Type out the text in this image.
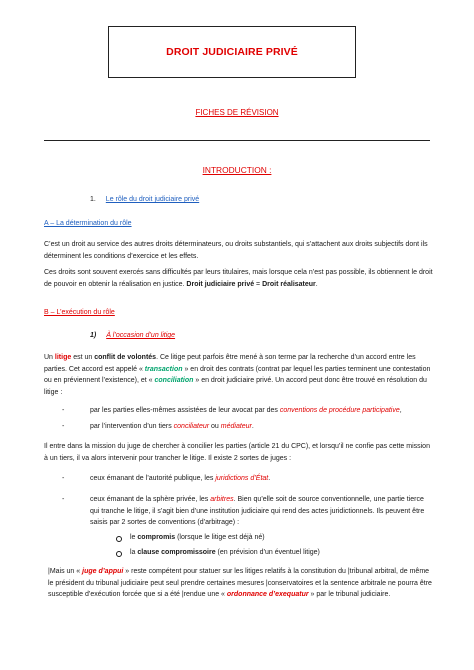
DROIT JUDICIAIRE PRIVÉ
FICHES DE RÉVISION
INTRODUCTION :
1. Le rôle du droit judiciaire privé
A – La détermination du rôle
C’est un droit au service des autres droits déterminateurs, ou droits substantiels, qui s’attachent aux droits subjectifs dont ils déterminent les conditions d’exercice et les effets.
Ces droits sont souvent exercés sans difficultés par leurs titulaires, mais lorsque cela n’est pas possible, ils obtiennent le droit de pouvoir en obtenir la réalisation en justice. Droit judiciaire privé = Droit réalisateur.
B – L’exécution du rôle
1) À l’occasion d’un litige
Un litige est un conflit de volontés. Ce litige peut parfois être mené à son terme par la recherche d’un accord entre les parties. Cet accord est appelé « transaction » en droit des contrats (contrat par lequel les parties terminent une contestation ou en préviennent l’existence), et « conciliation » en droit judiciaire privé. Un accord peut donc être trouvé en résolution du litige :
-	par les parties elles-mêmes assistées de leur avocat par des conventions de procédure participative,
-	par l’intervention d’un tiers conciliateur ou médiateur.
Il entre dans la mission du juge de chercher à concilier les parties (article 21 du CPC), et lorsqu’il ne confie pas cette mission à un tiers, il va alors intervenir pour trancher le litige. Il existe 2 sortes de juges :
-	ceux émanant de l’autorité publique, les juridictions d’État.
-	ceux émanant de la sphère privée, les arbitres. Bien qu’elle soit de source conventionnelle, une partie tierce qui tranche le litige, il s’agit bien d’une institution judiciaire qui rend des actes juridictionnels. Ils peuvent être saisis par 2 sortes de conventions (d’arbitrage) :
le compromis (lorsque le litige est déjà né)
la clause compromissoire (en prévision d’un éventuel litige)
|Mais un « juge d’appui » reste compétent pour statuer sur les litiges relatifs à la constitution du |tribunal arbitral, de même le président du tribunal judiciaire peut seul prendre certaines mesures |conservatoires et la sentence arbitrale ne pourra être susceptible d’exécution forcée que si a été |rendue une « ordonnance d’exequatur » par le tribunal judiciaire.
